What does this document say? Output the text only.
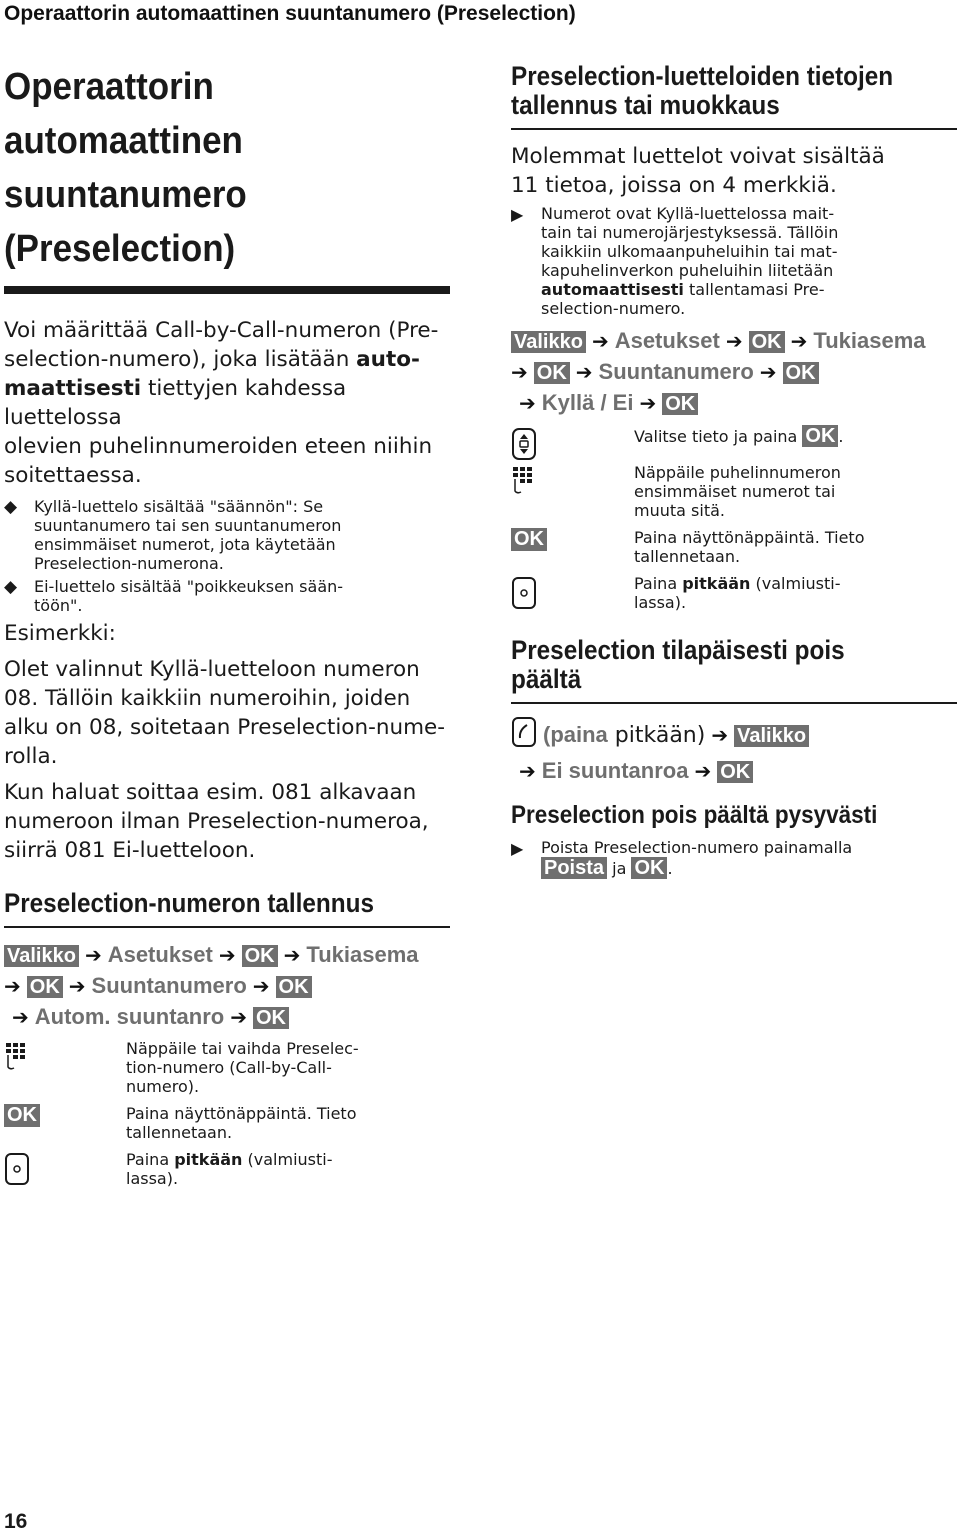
Operaattorin automaattinen suuntanumero (Preselection)
Operaattorin automaattinen
suuntanumero
(Preselection)

Voi määrittää Call-by-Call-numeron (Pre-
selection-numero), joka lisätään auto-
maattisesti tiettyjen kahdessa luettelossa
olevien puhelinnumeroiden eteen niihin
soitettaessa.

◆ Kyllä-luettelo sisältää "säännön": Se
suuntanumero tai sen suuntanumeron
ensimmäiset numerot, jota käytetään
Preselection-numerona.
◆ Ei-luettelo sisältää "poikkeuksen sään-
töön".

Esimerkki:

Olet valinnut Kyllä-luetteloon numeron
08. Tällöin kaikkiin numeroihin, joiden
alku on 08, soitetaan Preselection-nume-
rolla.

Kun haluat soittaa esim. 081 alkavaan
numeroon ilman Preselection-numeroa,
siirrä 081 Ei-luetteloon.

Preselection-numeron tallennus
Valikko ➔ Asetukset ➔ OK ➔ Tukiasema
➔ OK ➔ Suuntanumero ➔ OK
➔ Autom. suuntanro ➔ OK
Näppäile tai vaihda Preselec-
tion-numero (Call-by-Call-
numero).
OK	Paina näyttönäppäintä. Tieto
tallennetaan.
Paina pitkään (valmiusti-
lassa).
Preselection-luetteloiden tietojen
tallennus tai muokkaus

Molemmat luettelot voivat sisältää
11 tietoa, joissa on 4 merkkiä.

▶ Numerot ovat Kyllä-luettelossa mait-
tain tai numerojärjestyksessä. Tällöin
kaikkiin ulkomaanpuheluihin tai mat-
kapuhelinverkon puheluihin liitetään
automaattisesti tallentamasi Pre-
selection-numero.
Valikko ➔ Asetukset ➔ OK ➔ Tukiasema
➔ OK ➔ Suuntanumero ➔ OK
➔ Kyllä / Ei ➔ OK
Valitse tieto ja paina OK .
Näppäile puhelinnumeron
ensimmäiset numerot tai
muuta sitä.
OK	Paina näyttönäppäintä. Tieto
tallennetaan.
Paina pitkään (valmiusti-
lassa).
Preselection tilapäisesti pois päältä
(paina pitkään) ➔ Valikko
➔ Ei suuntanroa ➔ OK
Preselection pois päältä pysyvästi
▶ Poista Preselection-numero painamalla
Poista ja OK .
16
